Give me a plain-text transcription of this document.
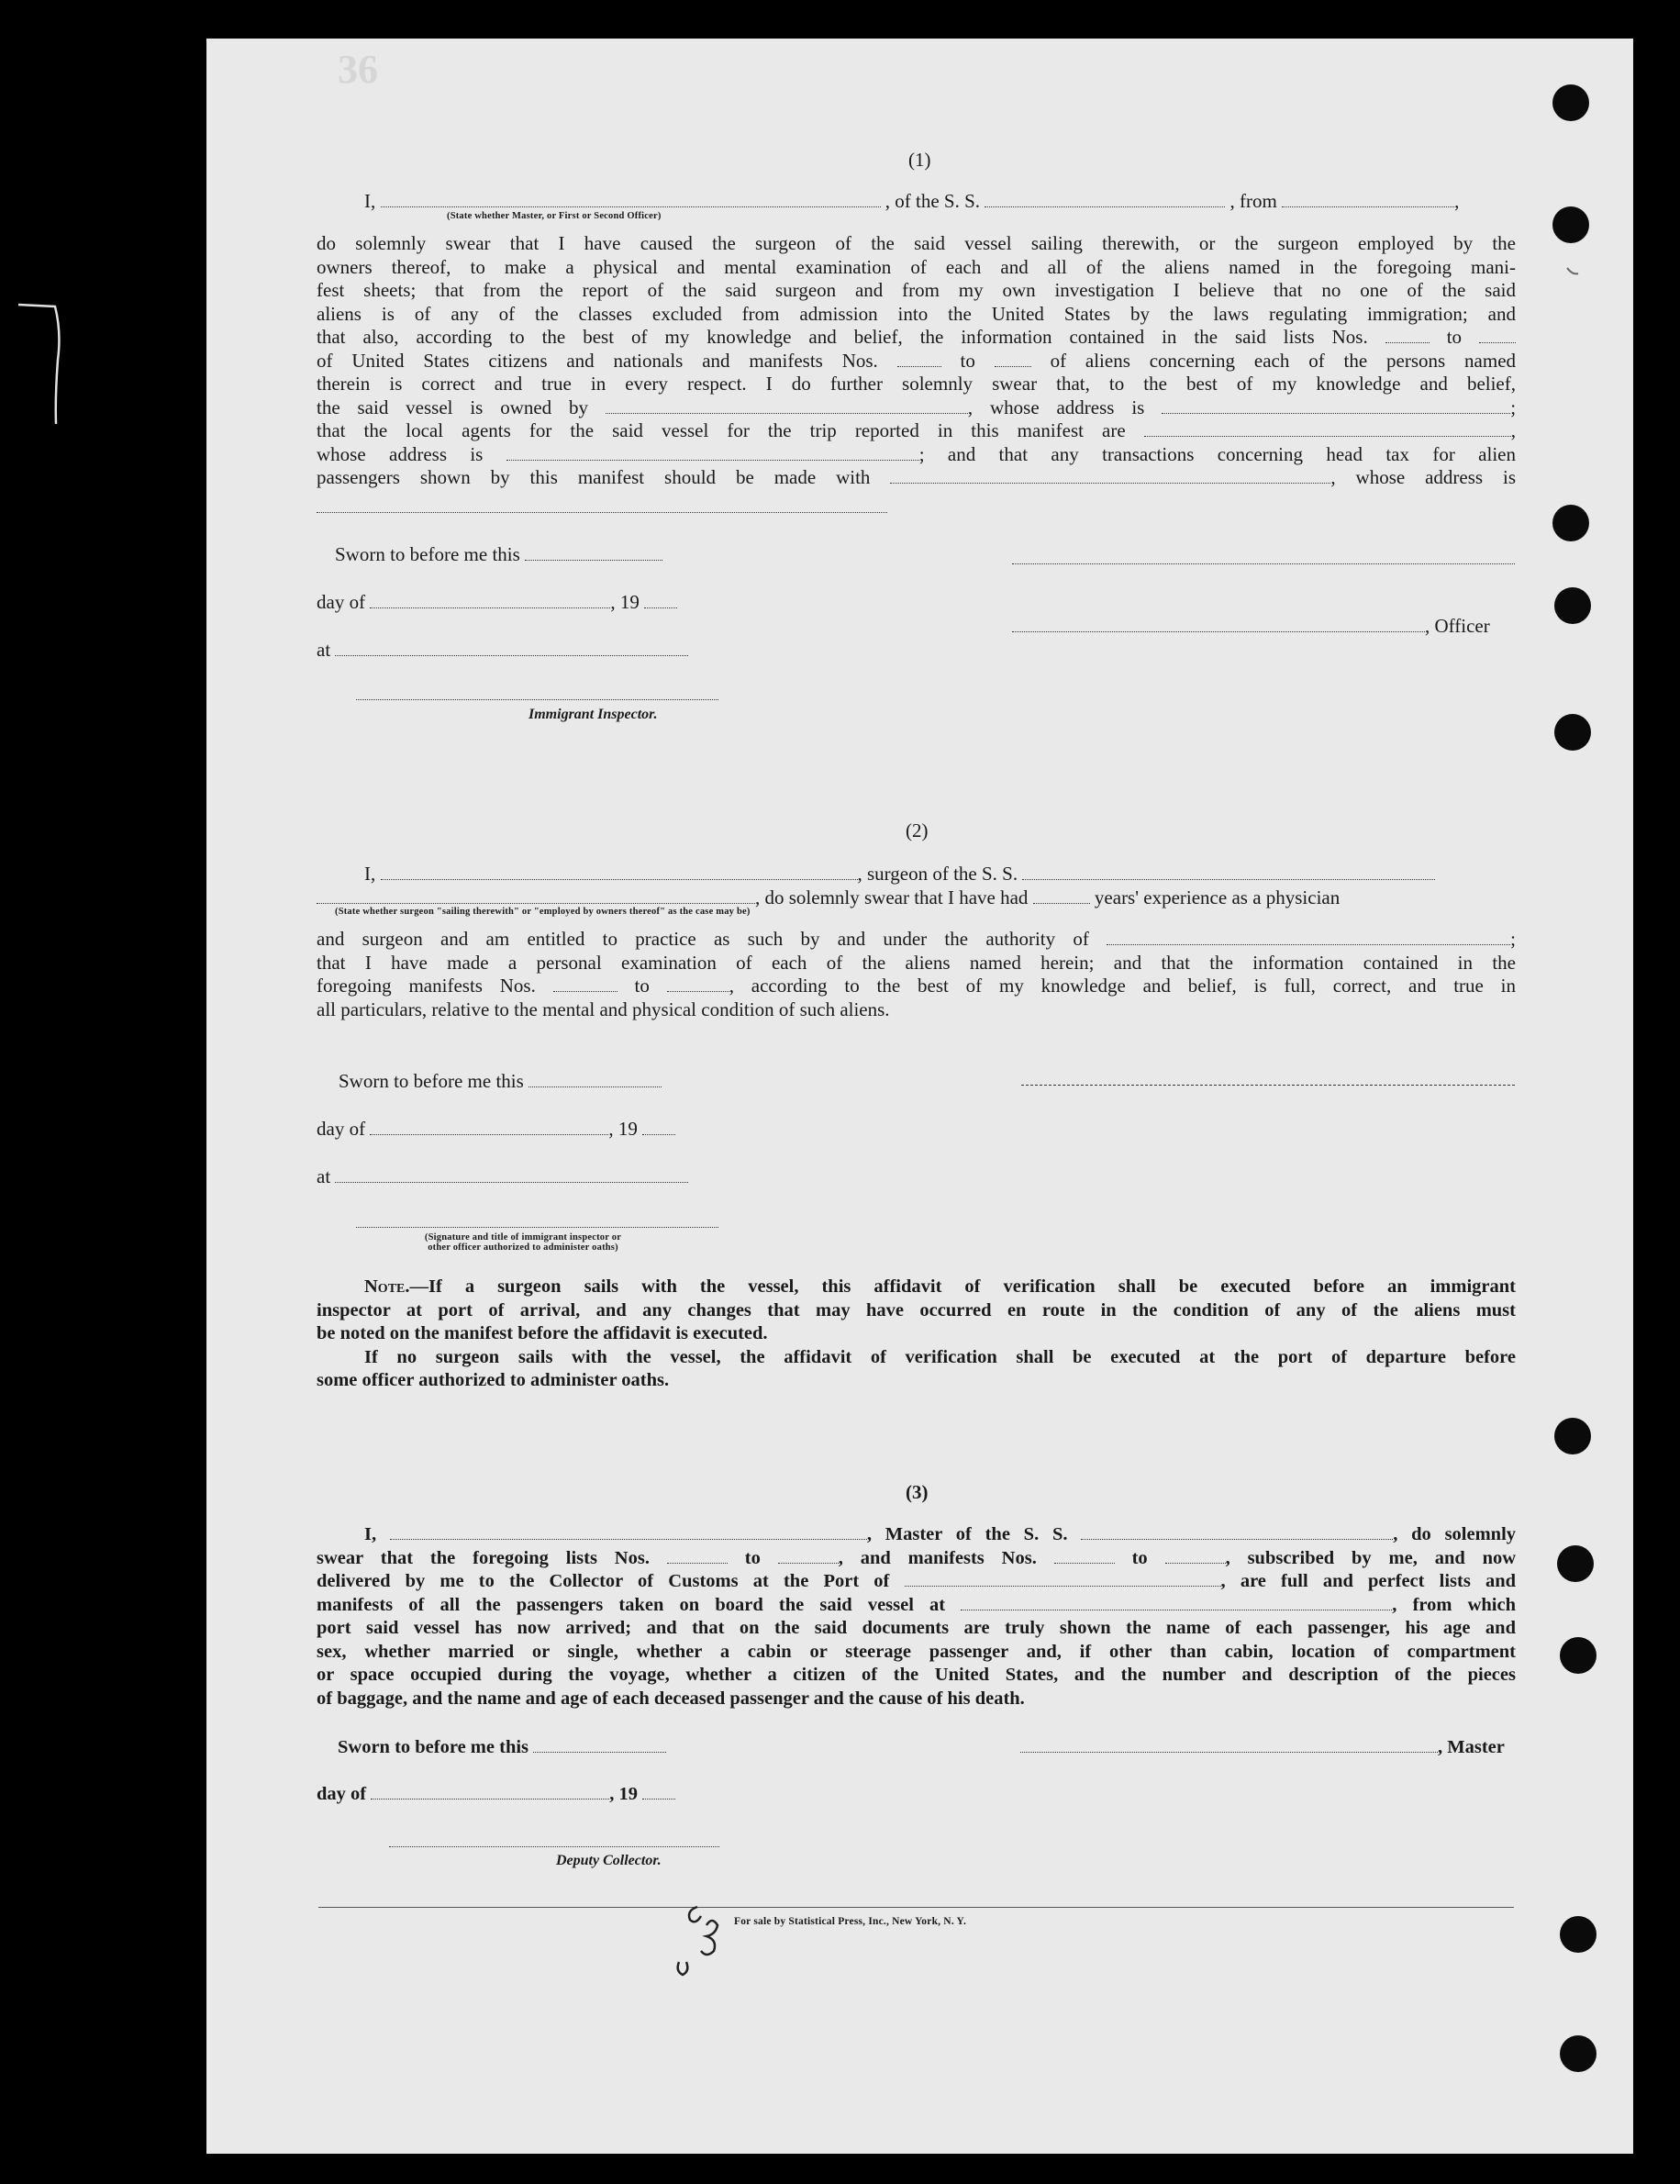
36
(1)
I,	, of the S. S.	, from	,
(State whether Master, or First or Second Officer)
do solemnly swear that I have caused the surgeon of the said vessel sailing therewith, or the surgeon employed by the
owners thereof, to make a physical and mental examination of each and all of the aliens named in the foregoing mani-
fest sheets; that from the report of the said surgeon and from my own investigation I believe that no one of the said
aliens is of any of the classes excluded from admission into the United States by the laws regulating immigration; and
that also, according to the best of my knowledge and belief, the information contained in the said lists Nos.	to
of United States citizens and nationals and manifests Nos.	to	of aliens concerning each of the persons named
therein is correct and true in every respect. I do further solemnly swear that, to the best of my knowledge and belief,
the said vessel is owned by	, whose address is	;
that the local agents for the said vessel for the trip reported in this manifest are	,
whose address is	; and that any transactions concerning head tax for alien
passengers shown by this manifest should be made with	, whose address is
Sworn to before me this
day of	, 19
, Officer
at
Immigrant Inspector.
(2)
I,	, surgeon of the S. S.
, do solemnly swear that I have had	years' experience as a physician
(State whether surgeon "sailing therewith" or "employed by owners thereof" as the case may be)
and surgeon and am entitled to practice as such by and under the authority of	;
that I have made a personal examination of each of the aliens named herein; and that the information contained in the
foregoing manifests Nos.	to	, according to the best of my knowledge and belief, is full, correct, and true in
all particulars, relative to the mental and physical condition of such aliens.
Sworn to before me this
day of	, 19
at
(Signature and title of immigrant inspector or
other officer authorized to administer oaths)
Note.—If a surgeon sails with the vessel, this affidavit of verification shall be executed before an immigrant
inspector at port of arrival, and any changes that may have occurred en route in the condition of any of the aliens must
be noted on the manifest before the affidavit is executed.
If no surgeon sails with the vessel, the affidavit of verification shall be executed at the port of departure before
some officer authorized to administer oaths.
(3)
I,	, Master of the S. S.	, do solemnly
swear that the foregoing lists Nos.	to	, and manifests Nos.	to	, subscribed by me, and now
delivered by me to the Collector of Customs at the Port of	, are full and perfect lists and
manifests of all the passengers taken on board the said vessel at	, from which
port said vessel has now arrived; and that on the said documents are truly shown the name of each passenger, his age and
sex, whether married or single, whether a cabin or steerage passenger and, if other than cabin, location of compartment
or space occupied during the voyage, whether a citizen of the United States, and the number and description of the pieces
of baggage, and the name and age of each deceased passenger and the cause of his death.
Sworn to before me this	, Master
day of	, 19
Deputy Collector.
For sale by Statistical Press, Inc., New York, N. Y.
